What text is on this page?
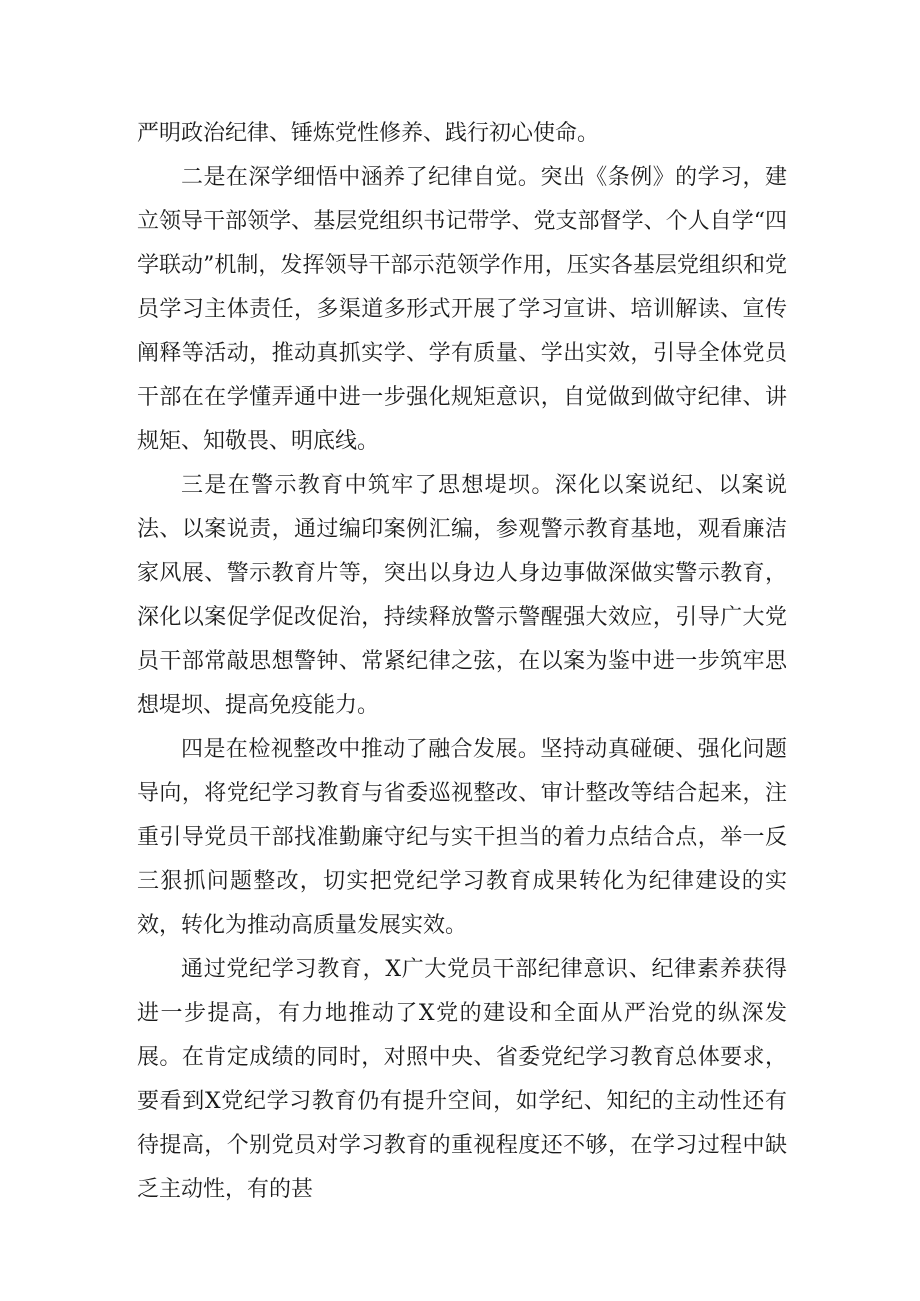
严明政治纪律、锤炼党性修养、践行初心使命。

二是在深学细悟中涵养了纪律自觉。突出《条例》的学习，建立领导干部领学、基层党组织书记带学、党支部督学、个人自学“四学联动”机制，发挥领导干部示范领学作用，压实各基层党组织和党员学习主体责任，多渠道多形式开展了学习宣讲、培训解读、宣传阐释等活动，推动真抓实学、学有质量、学出实效，引导全体党员干部在在学懂弄通中进一步强化规矩意识，自觉做到做守纪律、讲规矩、知敬畏、明底线。

三是在警示教育中筑牢了思想堤坝。深化以案说纪、以案说法、以案说责，通过编印案例汇编，参观警示教育基地，观看廉洁家风展、警示教育片等，突出以身边人身边事做深做实警示教育，深化以案促学促改促治，持续释放警示警醒强大效应，引导广大党员干部常敲思想警钟、常紧纪律之弦，在以案为鉴中进一步筑牢思想堤坝、提高免疫能力。

四是在检视整改中推动了融合发展。坚持动真碰硬、强化问题导向，将党纪学习教育与省委巡视整改、审计整改等结合起来，注重引导党员干部找准勤廉守纪与实干担当的着力点结合点，举一反三狠抓问题整改，切实把党纪学习教育成果转化为纪律建设的实效，转化为推动高质量发展实效。

通过党纪学习教育，X广大党员干部纪律意识、纪律素养获得进一步提高，有力地推动了X党的建设和全面从严治党的纵深发展。在肯定成绩的同时，对照中央、省委党纪学习教育总体要求，要看到X党纪学习教育仍有提升空间，如学纪、知纪的主动性还有待提高，个别党员对学习教育的重视程度还不够，在学习过程中缺乏主动性，有的甚
